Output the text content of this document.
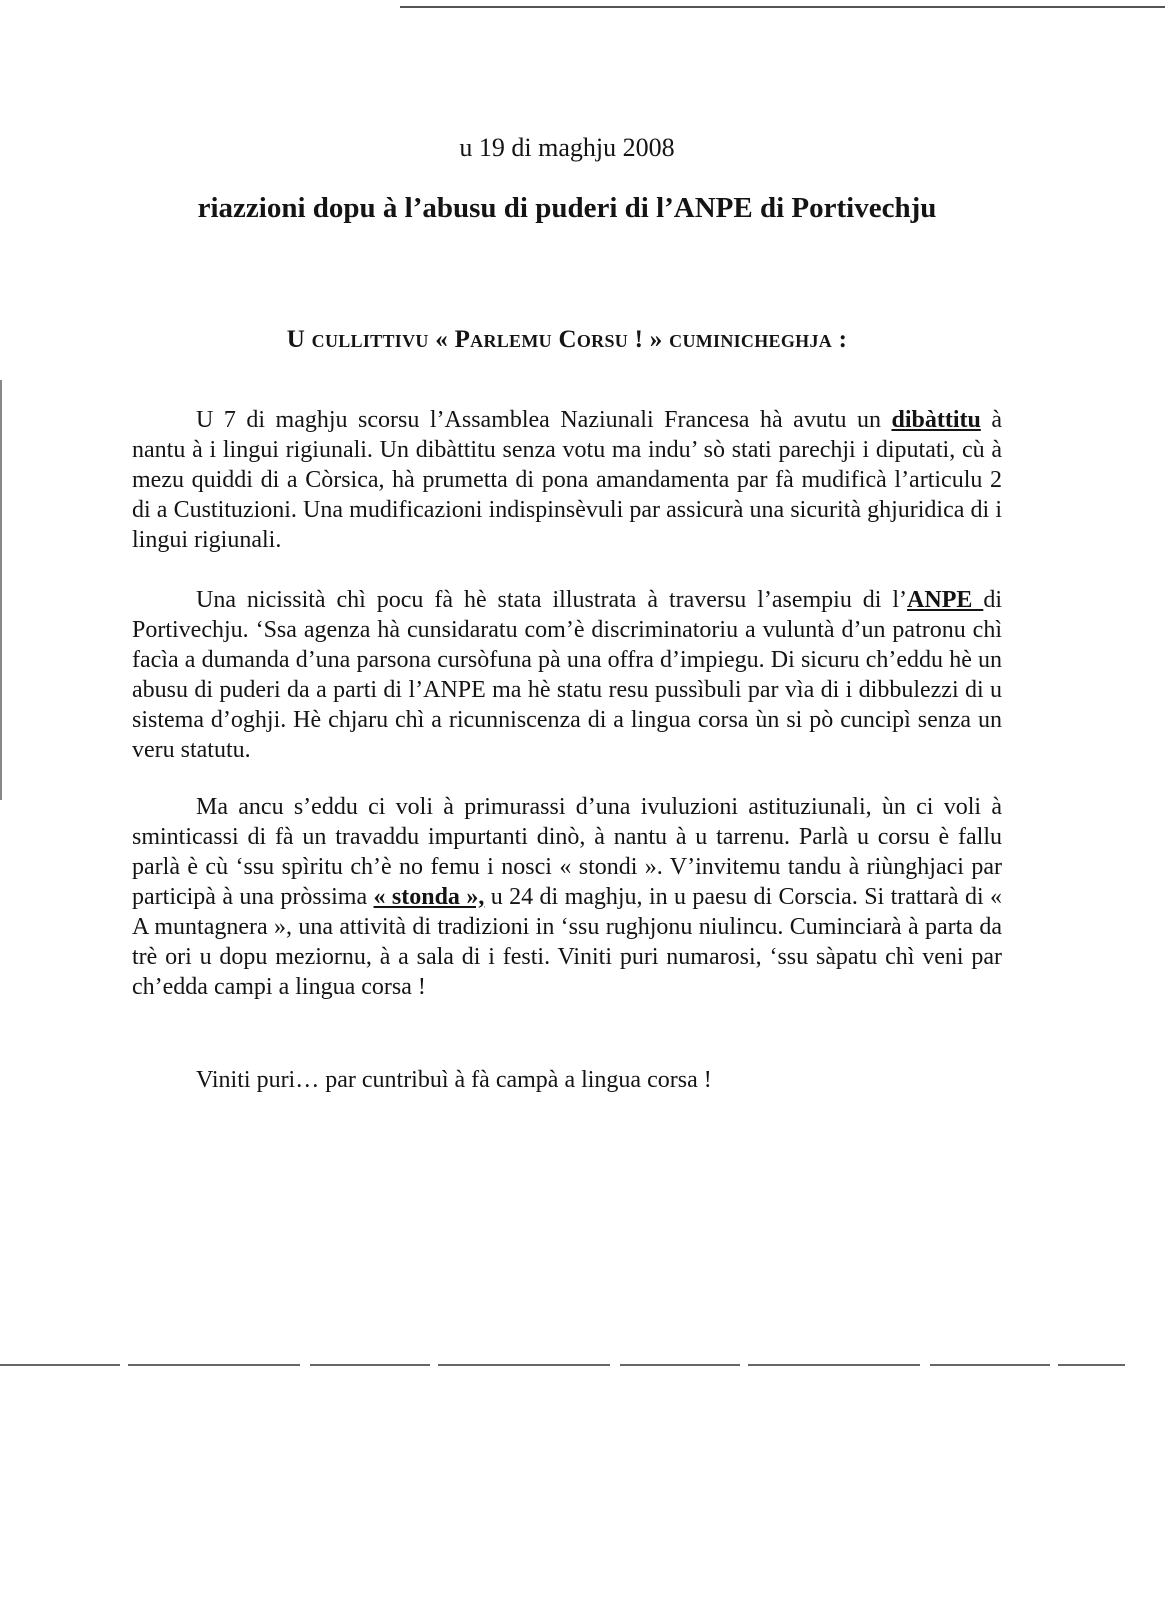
u 19 di maghju 2008

riazzioni dopu à l’abusu di puderi di l’ANPE di Portivechju
U cullittivu « Parlemu Corsu ! » cuminicheghja :

U 7 di maghju scorsu l’Assamblea Naziunali Francesa hà avutu un dibàttitu à nantu à i lingui rigiunali. Un dibàttitu senza votu ma indu’ sò stati parechji i diputati, cù à mezu quiddi di a Còrsica, hà prumetta di pona amandamenta par fà mudificà l’articulu 2 di a Custituzioni. Una mudificazioni indispinsèvuli par assicurà una sicurità ghjuridica di i lingui rigiunali.

Una nicissità chì pocu fà hè stata illustrata à traversu l’asempiu di l’ANPE di Portivechju. ‘Ssa agenza hà cunsidaratu com’è discriminatoriu a vuluntà d’un patronu chì facìa a dumanda d’una parsona cursòfuna pà una offra d’impiegu. Di sicuru ch’eddu hè un abusu di puderi da a parti di l’ANPE ma hè statu resu pussìbuli par vìa di i dibbulezzi di u sistema d’oghji. Hè chjaru chì a ricunniscenza di a lingua corsa ùn si pò cuncipì senza un veru statutu.

Ma ancu s’eddu ci voli à primurassi d’una ivuluzioni astituziunali, ùn ci voli à sminticassi di fà un travaddu impurtanti dinò, à nantu à u tarrenu. Parlà u corsu è fallu parlà è cù ‘ssu spìritu ch’è no femu i nosci « stondi ». V’invitemu tandu à riùnghjaci par participà à una pròssima « stonda », u 24 di maghju, in u paesu di Corscia. Si trattarà di « A muntagnera », una attività di tradizioni in ‘ssu rughjonu niulincu. Cuminciarà à parta da trè ori u dopu meziornu, à a sala di i festi. Viniti puri numarosi, ‘ssu sàpatu chì veni par ch’edda campi a lingua corsa !

Viniti puri… par cuntribuì à fà campà a lingua corsa !
